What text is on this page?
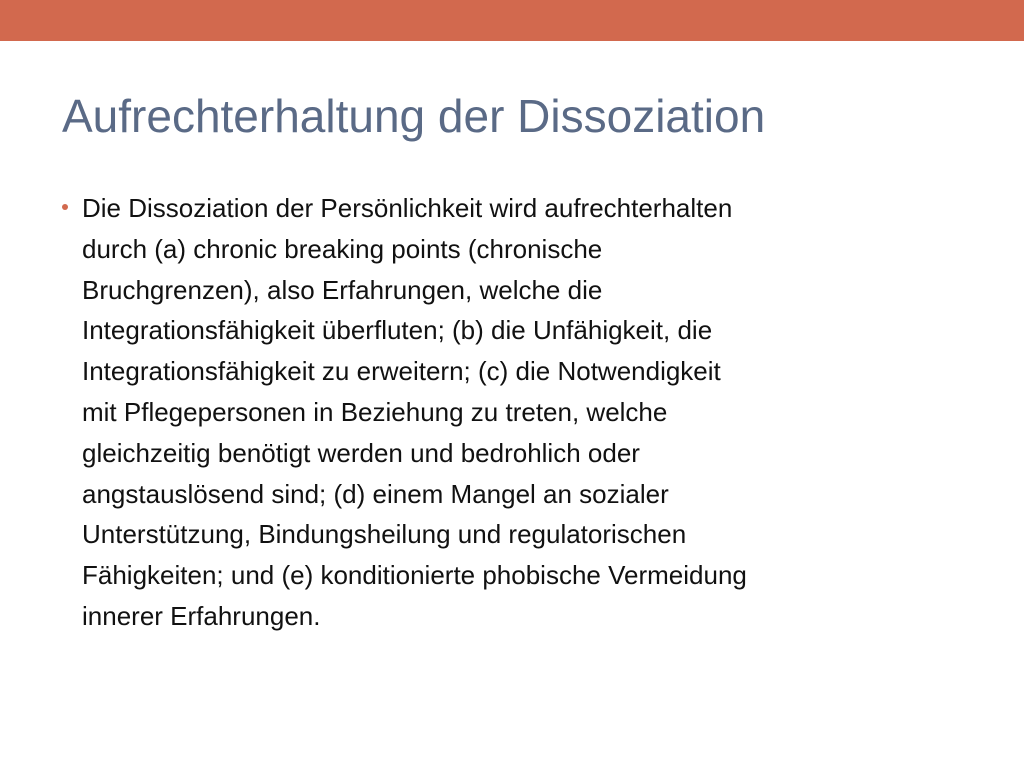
Aufrechterhaltung der Dissoziation
Die Dissoziation der Persönlichkeit wird aufrechterhalten
durch (a) chronic breaking points (chronische
Bruchgrenzen), also Erfahrungen, welche die
Integrationsfähigkeit überfluten; (b) die Unfähigkeit, die
Integrationsfähigkeit zu erweitern; (c) die Notwendigkeit
mit Pflegepersonen in Beziehung zu treten, welche
gleichzeitig benötigt werden und bedrohlich oder
angstauslösend sind; (d) einem Mangel an sozialer
Unterstützung, Bindungsheilung und regulatorischen
Fähigkeiten; und (e) konditionierte phobische Vermeidung
innerer Erfahrungen.
